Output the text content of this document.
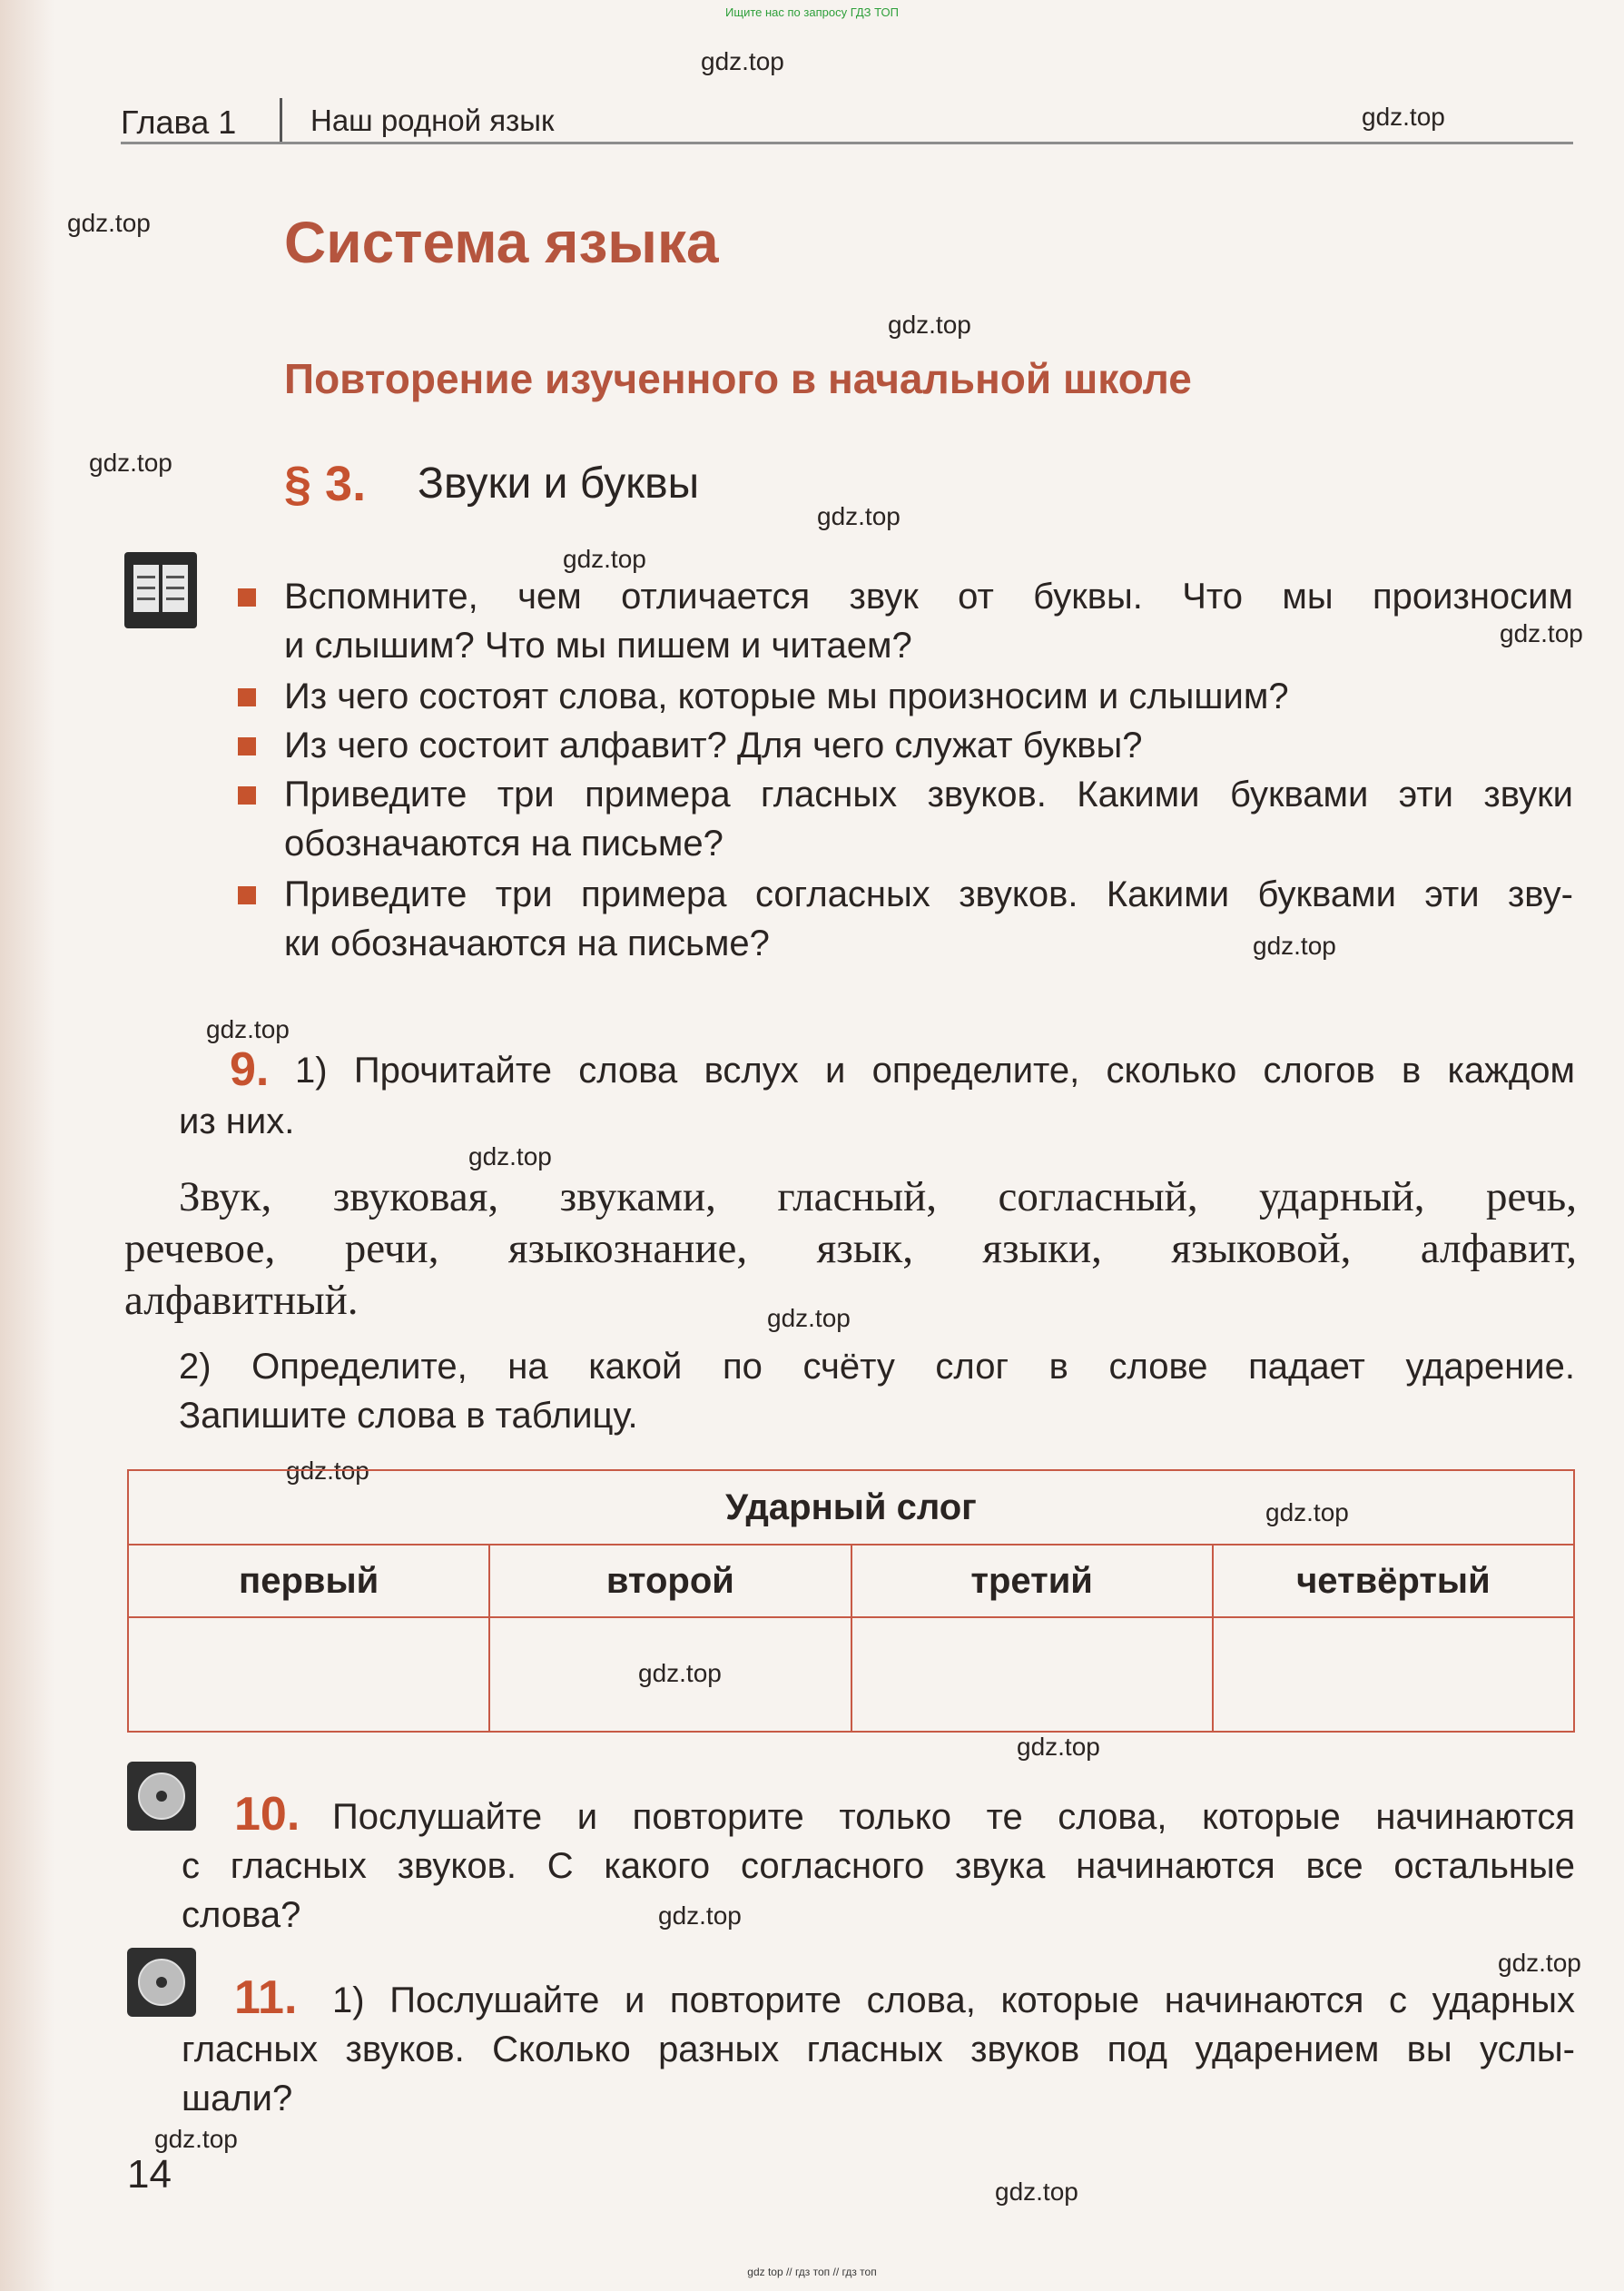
Ищите нас по запросу ГДЗ ТОП
gdz.top
gdz.top
gdz.top
gdz.top
gdz.top
gdz.top
gdz.top
gdz.top
gdz.top
gdz.top
gdz.top
gdz.top
gdz.top
gdz.top
gdz.top
gdz.top
gdz.top
gdz.top
gdz.top
gdz.top
Глава 1 Наш родной язык
Система языка
Повторение изученного в начальной школе
§ 3. Звуки и буквы
Вспомните, чем отличается звук от буквы. Что мы произносим
и слышим? Что мы пишем и читаем?
Из чего состоят слова, которые мы произносим и слышим?
Из чего состоит алфавит? Для чего служат буквы?
Приведите три примера гласных звуков. Какими буквами эти звуки
обозначаются на письме?
Приведите три примера согласных звуков. Какими буквами эти зву-
ки обозначаются на письме?
9. 1) Прочитайте слова вслух и определите, сколько слогов в каждом
из них.
Звук, звуковая, звуками, гласный, согласный, ударный, речь,
речевое, речи, языкознание, язык, языки, языковой, алфавит,
алфавитный.
2) Определите, на какой по счёту слог в слове падает ударение.
Запишите слова в таблицу.
Ударный слог			
первый	второй	третий	четвёртый

10. Послушайте и повторите только те слова, которые начинаются
с гласных звуков. С какого согласного звука начинаются все остальные
слова?
11. 1) Послушайте и повторите слова, которые начинаются с ударных
гласных звуков. Сколько разных гласных звуков под ударением вы услы-
шали?
14
gdz top // гдз топ // гдз топ
